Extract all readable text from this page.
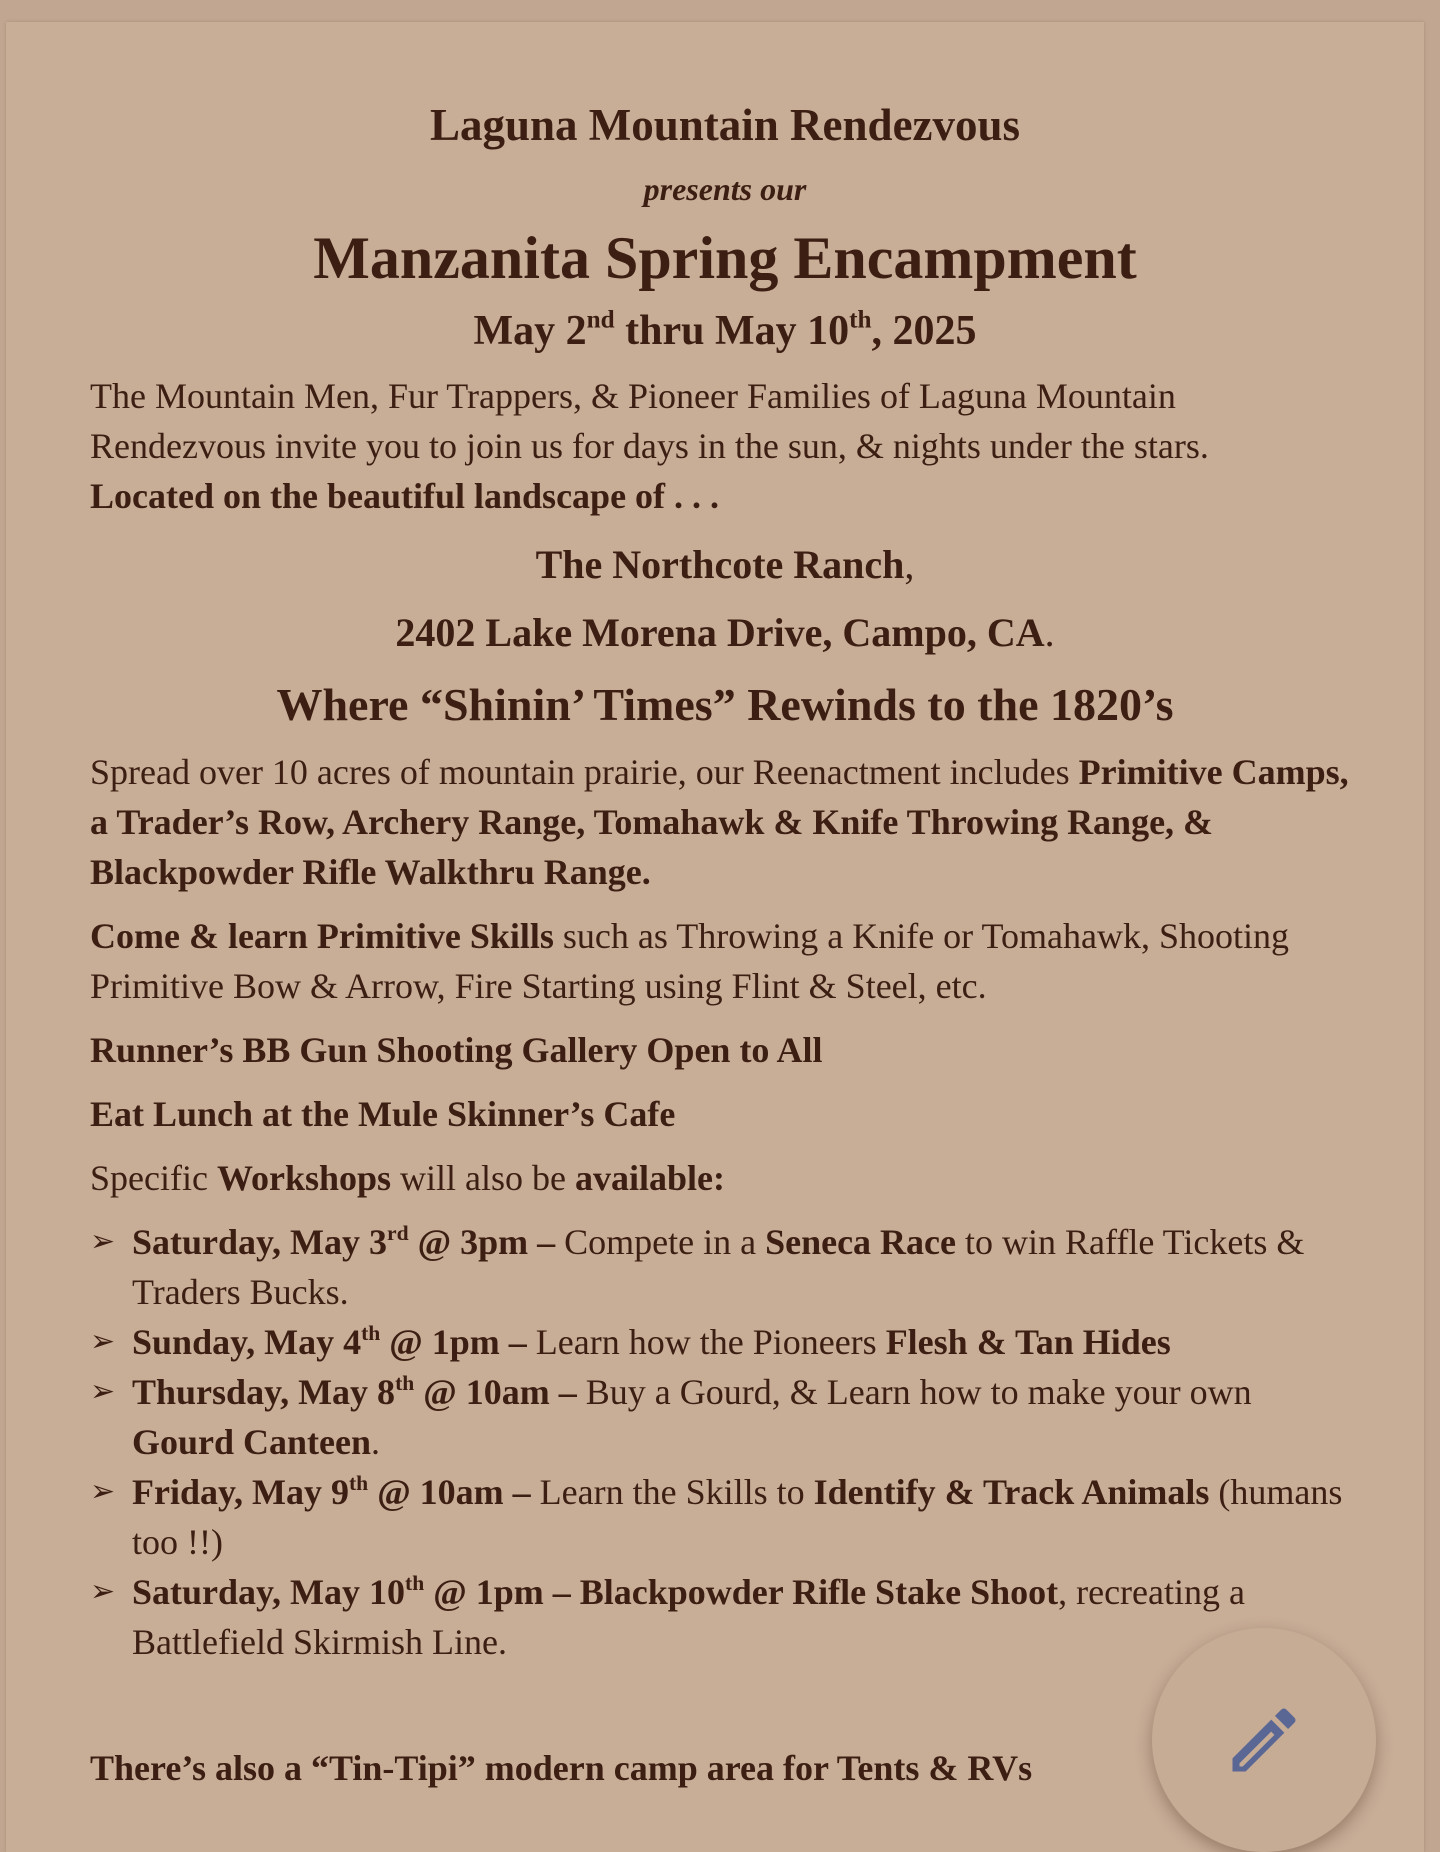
Laguna Mountain Rendezvous

presents our

Manzanita Spring Encampment

May 2nd thru May 10th, 2025

The Mountain Men, Fur Trappers, & Pioneer Families of Laguna Mountain Rendezvous invite you to join us for days in the sun, & nights under the stars.
Located on the beautiful landscape of . . .

The Northcote Ranch,

2402 Lake Morena Drive, Campo, CA.

Where “Shinin’ Times” Rewinds to the 1820’s

Spread over 10 acres of mountain prairie, our Reenactment includes Primitive Camps, a Trader’s Row, Archery Range, Tomahawk & Knife Throwing Range, & Blackpowder Rifle Walkthru Range.

Come & learn Primitive Skills such as Throwing a Knife or Tomahawk, Shooting Primitive Bow & Arrow, Fire Starting using Flint & Steel, etc.

Runner’s BB Gun Shooting Gallery Open to All

Eat Lunch at the Mule Skinner’s Cafe

Specific Workshops will also be available:

➢ Saturday, May 3rd @ 3pm – Compete in a Seneca Race to win Raffle Tickets & Traders Bucks.
➢ Sunday, May 4th @ 1pm – Learn how the Pioneers Flesh & Tan Hides
➢ Thursday, May 8th @ 10am – Buy a Gourd, & Learn how to make your own Gourd Canteen.
➢ Friday, May 9th @ 10am – Learn the Skills to Identify & Track Animals (humans too !!)
➢ Saturday, May 10th @ 1pm – Blackpowder Rifle Stake Shoot, recreating a Battlefield Skirmish Line.

There’s also a “Tin-Tipi” modern camp area for Tents & RVs
